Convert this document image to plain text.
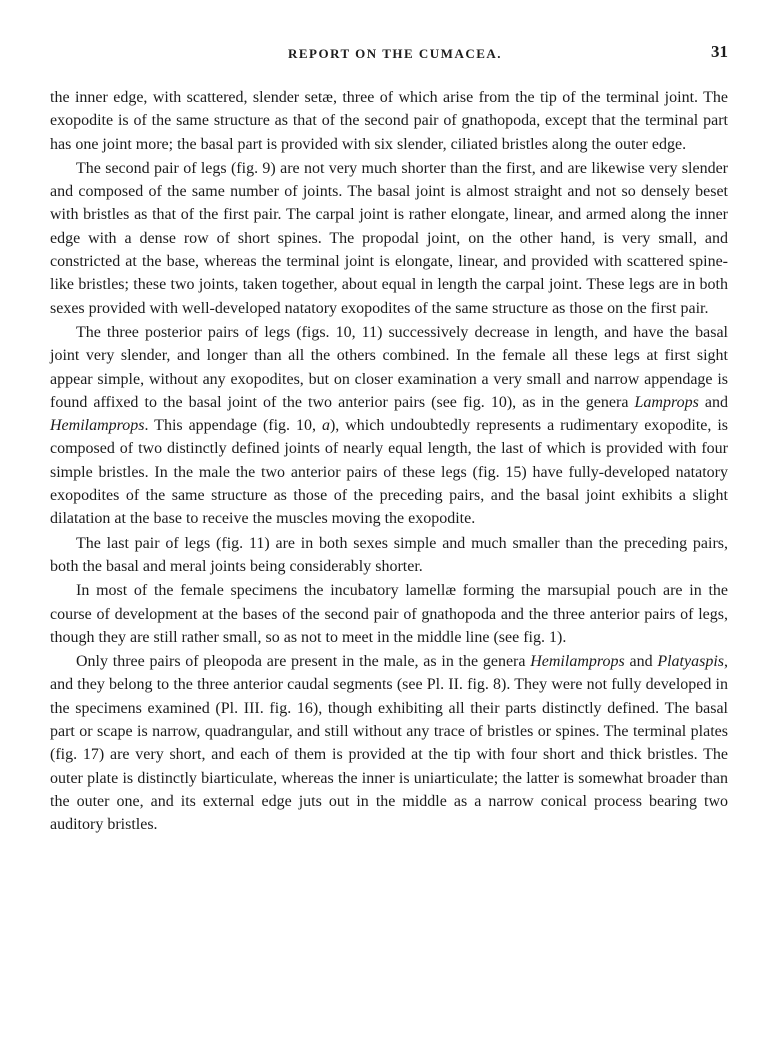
REPORT ON THE CUMACEA.	31

the inner edge, with scattered, slender setæ, three of which arise from the tip of the terminal joint. The exopodite is of the same structure as that of the second pair of gnathopoda, except that the terminal part has one joint more; the basal part is provided with six slender, ciliated bristles along the outer edge.

The second pair of legs (fig. 9) are not very much shorter than the first, and are likewise very slender and composed of the same number of joints. The basal joint is almost straight and not so densely beset with bristles as that of the first pair. The carpal joint is rather elongate, linear, and armed along the inner edge with a dense row of short spines. The propodal joint, on the other hand, is very small, and constricted at the base, whereas the terminal joint is elongate, linear, and provided with scattered spine-like bristles; these two joints, taken together, about equal in length the carpal joint. These legs are in both sexes provided with well-developed natatory exopodites of the same structure as those on the first pair.

The three posterior pairs of legs (figs. 10, 11) successively decrease in length, and have the basal joint very slender, and longer than all the others combined. In the female all these legs at first sight appear simple, without any exopodites, but on closer examination a very small and narrow appendage is found affixed to the basal joint of the two anterior pairs (see fig. 10), as in the genera Lamprops and Hemilamprops. This appendage (fig. 10, a), which undoubtedly represents a rudimentary exopodite, is composed of two distinctly defined joints of nearly equal length, the last of which is provided with four simple bristles. In the male the two anterior pairs of these legs (fig. 15) have fully-developed natatory exopodites of the same structure as those of the preceding pairs, and the basal joint exhibits a slight dilatation at the base to receive the muscles moving the exopodite.

The last pair of legs (fig. 11) are in both sexes simple and much smaller than the preceding pairs, both the basal and meral joints being considerably shorter.

In most of the female specimens the incubatory lamellæ forming the marsupial pouch are in the course of development at the bases of the second pair of gnathopoda and the three anterior pairs of legs, though they are still rather small, so as not to meet in the middle line (see fig. 1).

Only three pairs of pleopoda are present in the male, as in the genera Hemilamprops and Platyaspis, and they belong to the three anterior caudal segments (see Pl. II. fig. 8). They were not fully developed in the specimens examined (Pl. III. fig. 16), though exhibiting all their parts distinctly defined. The basal part or scape is narrow, quadrangular, and still without any trace of bristles or spines. The terminal plates (fig. 17) are very short, and each of them is provided at the tip with four short and thick bristles. The outer plate is distinctly biarticulate, whereas the inner is uniarticulate; the latter is somewhat broader than the outer one, and its external edge juts out in the middle as a narrow conical process bearing two auditory bristles.
